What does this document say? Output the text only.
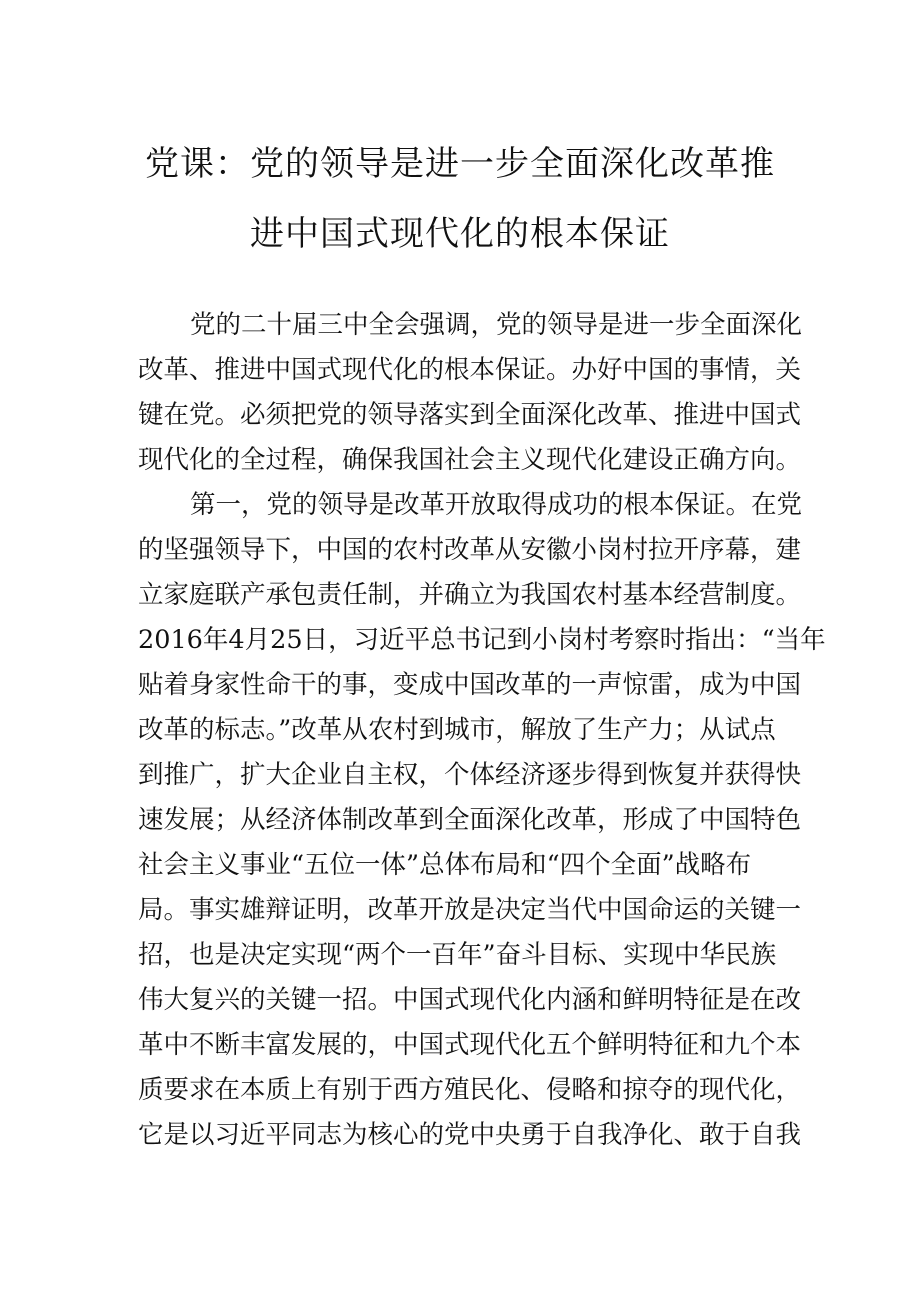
党课：党的领导是进一步全面深化改革推
进中国式现代化的根本保证

党的二十届三中全会强调，党的领导是进一步全面深化

改革、推进中国式现代化的根本保证。办好中国的事情，关

键在党。必须把党的领导落实到全面深化改革、推进中国式

现代化的全过程，确保我国社会主义现代化建设正确方向。

第一，党的领导是改革开放取得成功的根本保证。在党

的坚强领导下，中国的农村改革从安徽小岗村拉开序幕，建

立家庭联产承包责任制，并确立为我国农村基本经营制度。

2016年4月25日，习近平总书记到小岗村考察时指出：“当年

贴着身家性命干的事，变成中国改革的一声惊雷，成为中国

改革的标志。”改革从农村到城市，解放了生产力；从试点

到推广，扩大企业自主权，个体经济逐步得到恢复并获得快

速发展；从经济体制改革到全面深化改革，形成了中国特色

社会主义事业“五位一体”总体布局和“四个全面”战略布

局。事实雄辩证明，改革开放是决定当代中国命运的关键一

招，也是决定实现“两个一百年”奋斗目标、实现中华民族

伟大复兴的关键一招。中国式现代化内涵和鲜明特征是在改

革中不断丰富发展的，中国式现代化五个鲜明特征和九个本

质要求在本质上有别于西方殖民化、侵略和掠夺的现代化，

它是以习近平同志为核心的党中央勇于自我净化、敢于自我
